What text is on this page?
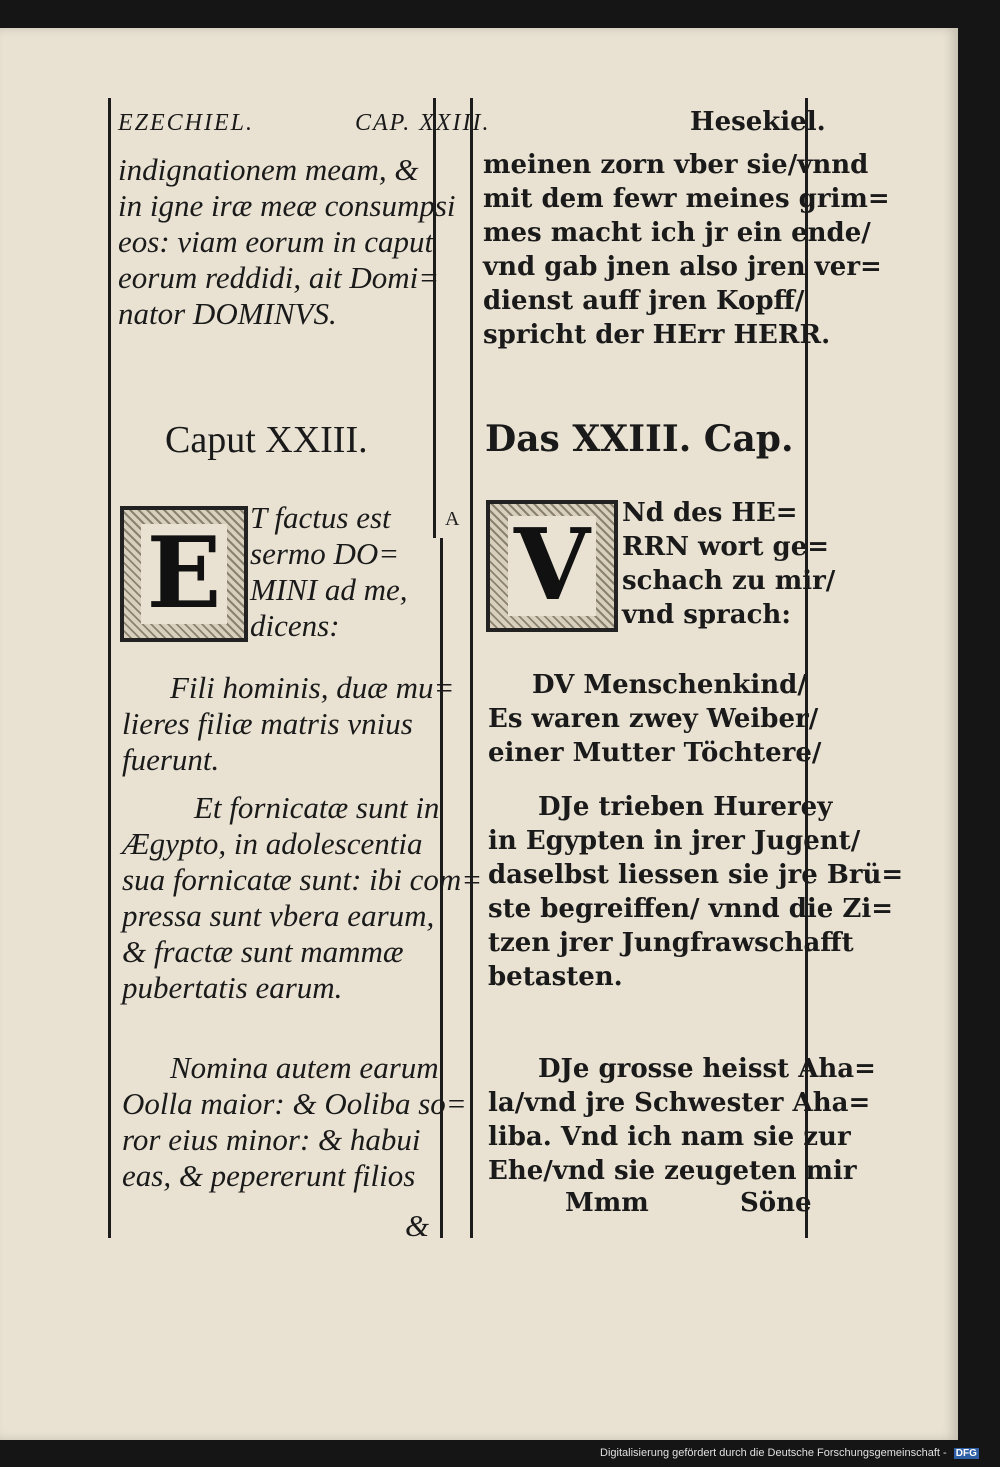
EZECHIEL.	CAP. XXIII.	Hesekiel.
indignationem meam, &
in igne iræ meæ consumpsi
eos: viam eorum in caput
eorum reddidi, ait Domi=
nator DOMINVS.
meinen zorn vber sie/vnnd
mit dem fewr meines grim=
mes macht ich jr ein ende/
vnd gab jnen also jren ver=
dienst auff jren Kopff/
spricht der HErr HERR.
Caput XXIII.	Das XXIII. Cap.
E	V
A
T factus est
sermo DO=
MINI ad me,
dicens:
Nd des HE=
RRN wort ge=
schach zu mir/
vnd sprach:
Fili hominis, duæ mu=
lieres filiæ matris vnius
fuerunt.
DV Menschenkind/
Es waren zwey Weiber/
einer Mutter Töchtere/
Et fornicatæ sunt in
Ægypto, in adolescentia
sua fornicatæ sunt: ibi com=
pressa sunt vbera earum,
& fractæ sunt mammæ
pubertatis earum.
DJe trieben Hurerey
in Egypten in jrer Jugent/
daselbst liessen sie jre Brü=
ste begreiffen/ vnnd die Zi=
tzen jrer Jungfrawschafft
betasten.
Nomina autem earum
Oolla maior: & Ooliba so=
ror eius minor: & habui
eas, & pepererunt filios
&
DJe grosse heisst Aha=
la/vnd jre Schwester Aha=
liba. Vnd ich nam sie zur
Ehe/vnd sie zeugeten mir
Mmm	Söne
Digitalisierung gefördert durch die Deutsche Forschungsgemeinschaft - DFG
